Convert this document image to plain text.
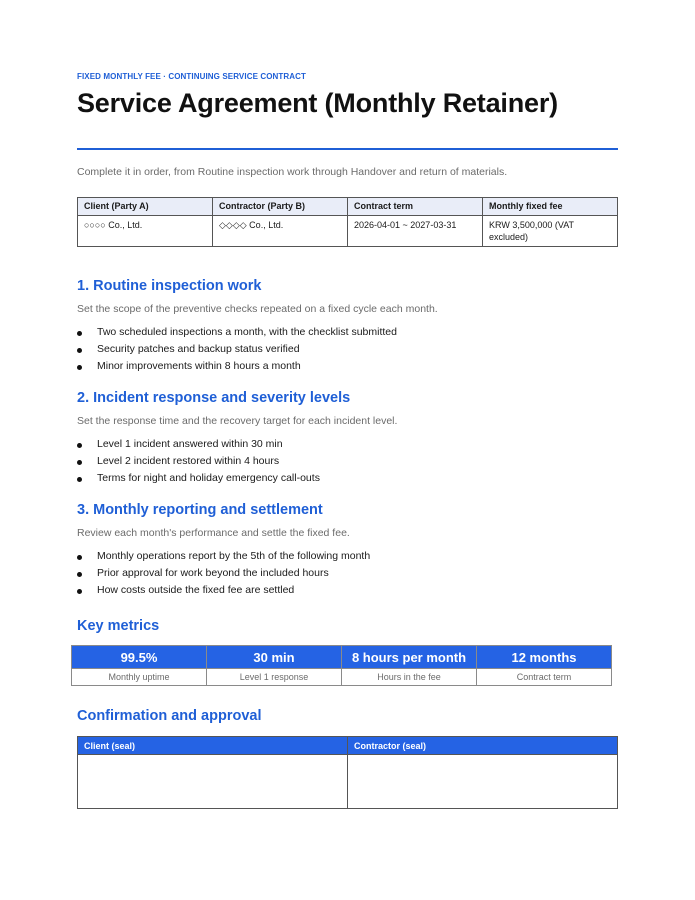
FIXED MONTHLY FEE · CONTINUING SERVICE CONTRACT
Service Agreement (Monthly Retainer)
Complete it in order, from Routine inspection work through Handover and return of materials.
Client (Party A)	Contractor (Party B)	Contract term	Monthly fixed fee
○○○○ Co., Ltd.	◇◇◇◇ Co., Ltd.	2026-04-01 ~ 2027-03-31	KRW 3,500,000 (VAT excluded)
1. Routine inspection work
Set the scope of the preventive checks repeated on a fixed cycle each month.
Two scheduled inspections a month, with the checklist submitted
Security patches and backup status verified
Minor improvements within 8 hours a month
2. Incident response and severity levels
Set the response time and the recovery target for each incident level.
Level 1 incident answered within 30 min
Level 2 incident restored within 4 hours
Terms for night and holiday emergency call-outs
3. Monthly reporting and settlement
Review each month's performance and settle the fixed fee.
Monthly operations report by the 5th of the following month
Prior approval for work beyond the included hours
How costs outside the fixed fee are settled
Key metrics
99.5%	30 min	8 hours per month	12 months
Monthly uptime	Level 1 response	Hours in the fee	Contract term
Confirmation and approval
Client (seal)	Contractor (seal)
